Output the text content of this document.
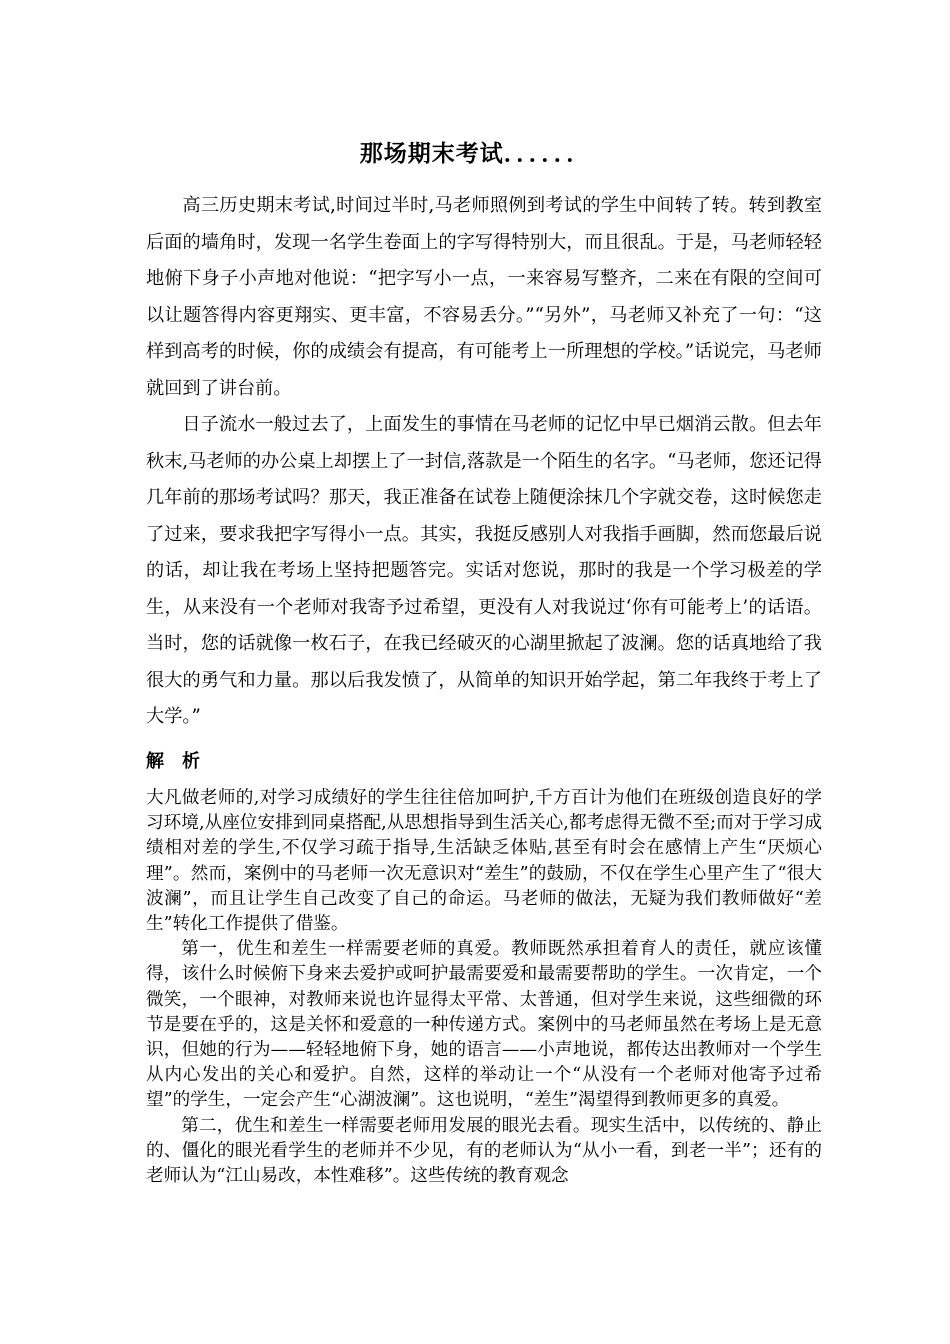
那场期末考试．．．．．．

高三历史期末考试,时间过半时,马老师照例到考试的学生中间转了转。转到教室后面的墙角时，发现一名学生卷面上的字写得特别大，而且很乱。于是，马老师轻轻地俯下身子小声地对他说：“把字写小一点，一来容易写整齐，二来在有限的空间可以让题答得内容更翔实、更丰富，不容易丢分。”“另外”，马老师又补充了一句：“这样到高考的时候，你的成绩会有提高，有可能考上一所理想的学校。”话说完，马老师就回到了讲台前。

日子流水一般过去了，上面发生的事情在马老师的记忆中早已烟消云散。但去年秋末,马老师的办公桌上却摆上了一封信,落款是一个陌生的名字。“马老师，您还记得几年前的那场考试吗？那天，我正准备在试卷上随便涂抹几个字就交卷，这时候您走了过来，要求我把字写得小一点。其实，我挺反感别人对我指手画脚，然而您最后说的话，却让我在考场上坚持把题答完。实话对您说，那时的我是一个学习极差的学生，从来没有一个老师对我寄予过希望，更没有人对我说过‘你有可能考上’的话语。当时，您的话就像一枚石子，在我已经破灭的心湖里掀起了波澜。您的话真地给了我很大的勇气和力量。那以后我发愤了，从简单的知识开始学起，第二年我终于考上了大学。”

解析

大凡做老师的,对学习成绩好的学生往往倍加呵护,千方百计为他们在班级创造良好的学习环境,从座位安排到同桌搭配,从思想指导到生活关心,都考虑得无微不至;而对于学习成绩相对差的学生,不仅学习疏于指导,生活缺乏体贴,甚至有时会在感情上产生“厌烦心理”。然而，案例中的马老师一次无意识对“差生”的鼓励，不仅在学生心里产生了“很大波澜”，而且让学生自己改变了自己的命运。马老师的做法，无疑为我们教师做好“差生”转化工作提供了借鉴。

第一，优生和差生一样需要老师的真爱。教师既然承担着育人的责任，就应该懂得，该什么时候俯下身来去爱护或呵护最需要爱和最需要帮助的学生。一次肯定，一个微笑，一个眼神，对教师来说也许显得太平常、太普通，但对学生来说，这些细微的环节是要在乎的，这是关怀和爱意的一种传递方式。案例中的马老师虽然在考场上是无意识，但她的行为——轻轻地俯下身，她的语言——小声地说，都传达出教师对一个学生从内心发出的关心和爱护。自然，这样的举动让一个“从没有一个老师对他寄予过希望”的学生，一定会产生“心湖波澜”。这也说明，“差生”渴望得到教师更多的真爱。

第二，优生和差生一样需要老师用发展的眼光去看。现实生活中，以传统的、静止的、僵化的眼光看学生的老师并不少见，有的老师认为“从小一看，到老一半”；还有的老师认为“江山易改，本性难移”。这些传统的教育观念
